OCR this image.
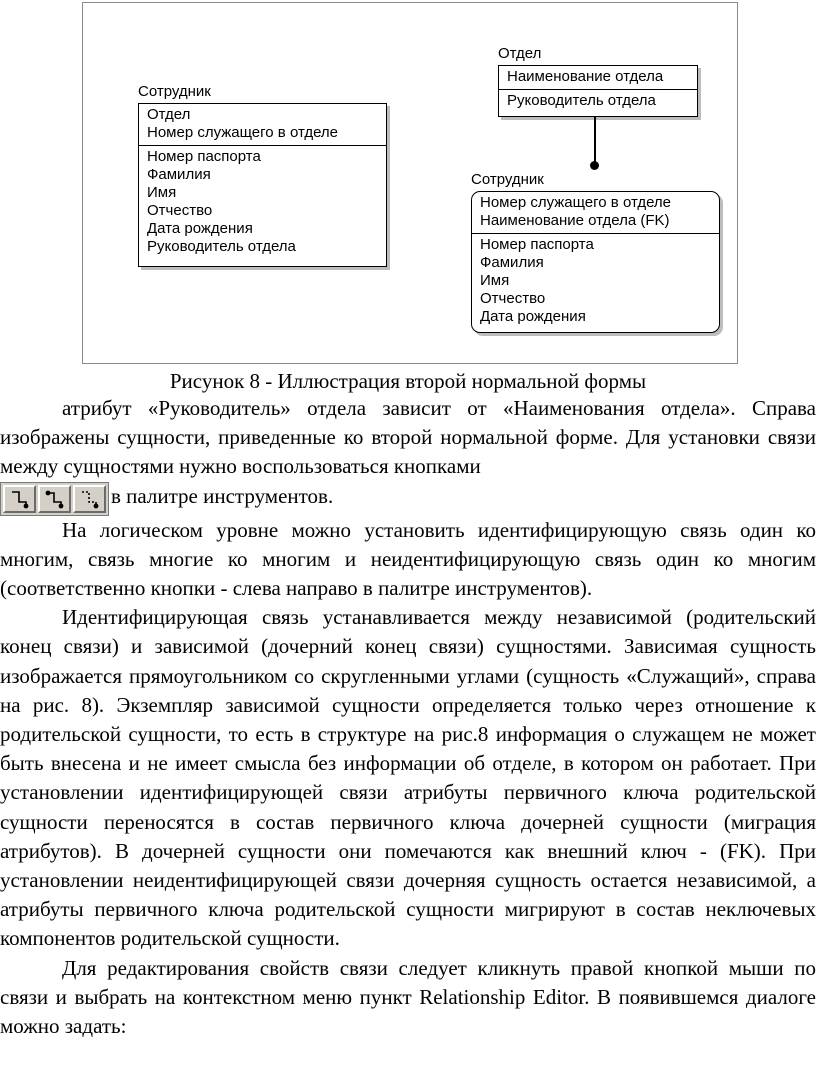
Сотрудник
Отдел
Номер служащего в отделе
Номер паспорта
Фамилия
Имя
Отчество
Дата рождения
Руководитель отдела
Отдел
Наименование отдела
Руководитель отдела
Сотрудник
Номер служащего в отделе
Наименование отдела (FK)
Номер паспорта
Фамилия
Имя
Отчество
Дата рождения
Рисунок 8 - Иллюстрация второй нормальной формы

атрибут «Руководитель» отдела зависит от «Наименования отдела». Справа изображены сущности, приведенные ко второй нормальной форме. Для установки связи между сущностями нужно воспользоваться кнопками

в палитре инструментов.

На логическом уровне можно установить идентифицирующую связь один ко многим, связь многие ко многим и неидентифицирующую связь один ко многим (соответственно кнопки - слева направо в палитре инструментов).

Идентифицирующая связь устанавливается между независимой (родительский конец связи) и зависимой (дочерний конец связи) сущностями. Зависимая сущность изображается прямоугольником со скругленными углами (сущность «Служащий», справа на рис. 8). Экземпляр зависимой сущности определяется только через отношение к родительской сущности, то есть в структуре на рис.8 информация о служащем не может быть внесена и не имеет смысла без информации об отделе, в котором он работает. При установлении идентифицирующей связи атрибуты первичного ключа родительской сущности переносятся в состав первичного ключа дочерней сущности (миграция атрибутов). В дочерней сущности они помечаются как внешний ключ - (FK). При установлении неидентифицирующей связи дочерняя сущность остается независимой, а атрибуты первичного ключа родительской сущности мигрируют в состав неключевых компонентов родительской сущности.

Для редактирования свойств связи следует кликнуть правой кнопкой мыши по связи и выбрать на контекстном меню пункт Relationship Editor. В появившемся диалоге можно задать:
